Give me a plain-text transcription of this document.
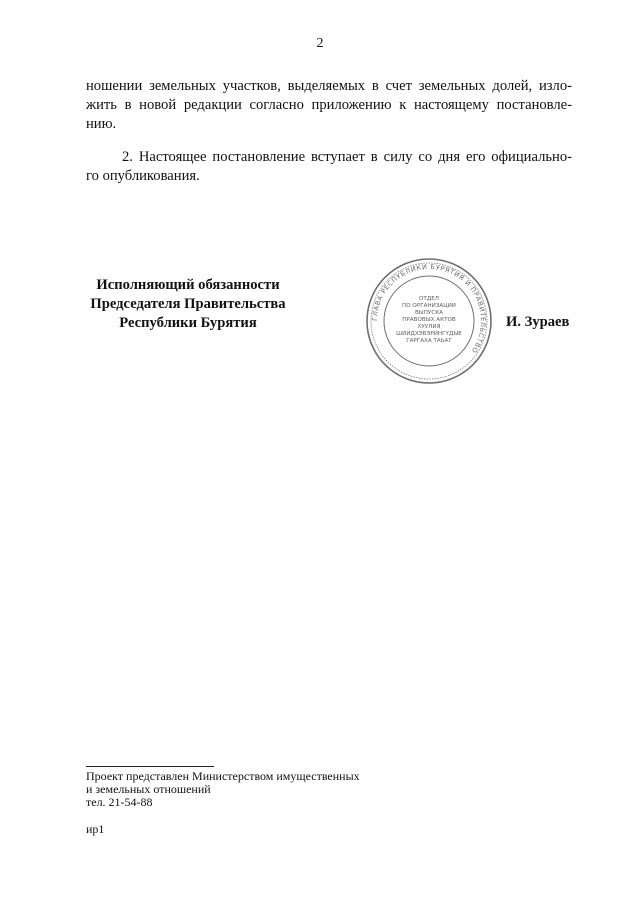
2
ношении земельных участков, выделяемых в счет земельных долей, изло-
жить в новой редакции согласно приложению к настоящему постановле-
нию.
2. Настоящее постановление вступает в силу со дня его официально-
го опубликования.
Исполняющий обязанности
Председателя Правительства
Республики Бурятия	ГЛАВА РЕСПУБЛИКИ БУРЯТИЯ И ПРАВИТЕЛЬСТВО
ОТДЕЛ
ПО ОРГАНИЗАЦИИ
ВЫПУСКА
ПРАВОВЫХ АКТОВ
ХУУЛИЯ
ШИИДХЭБЭРИНГҮДЫЕ
ГАРГАХА ТАЬАГ
И. Зураев
Проект представлен Министерством имущественных
и земельных отношений
тел. 21-54-88
ир1
